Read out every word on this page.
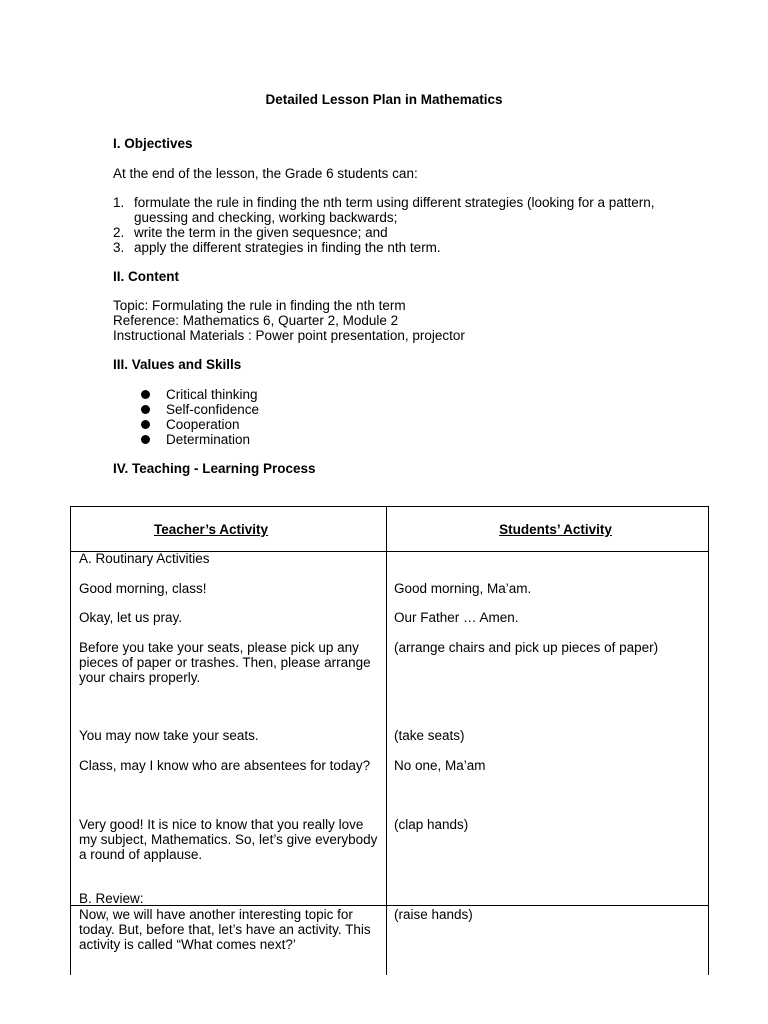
Detailed Lesson Plan in Mathematics
I. Objectives
At the end of the lesson, the Grade 6 students can:
1. formulate the rule in finding the nth term using different strategies (looking for a pattern, guessing and checking, working backwards;
2. write the term in the given sequesnce; and
3. apply the different strategies in finding the nth term.
II. Content
Topic: Formulating the rule in finding the nth term
Reference: Mathematics 6, Quarter 2, Module 2
Instructional Materials : Power point presentation, projector
III. Values and Skills
Critical thinking
Self-confidence
Cooperation
Determination
IV. Teaching - Learning Process
Teacher’s Activity	Students’ Activity
A. Routinary Activities
Good morning, class!
Okay, let us pray.
Before you take your seats, please pick up any pieces of paper or trashes. Then, please arrange your chairs properly.
You may now take your seats.
Class, may I know who are absentees for today?
Very good! It is nice to know that you really love my subject, Mathematics. So, let’s give everybody a round of applause.
B. Review:
Now, we will have another interesting topic for today. But, before that, let’s have an activity. This activity is called “What comes next?’
Good morning, Ma’am.
Our Father … Amen.
(arrange chairs and pick up pieces of paper)
(take seats)
No one, Ma’am
(clap hands)
(raise hands)
